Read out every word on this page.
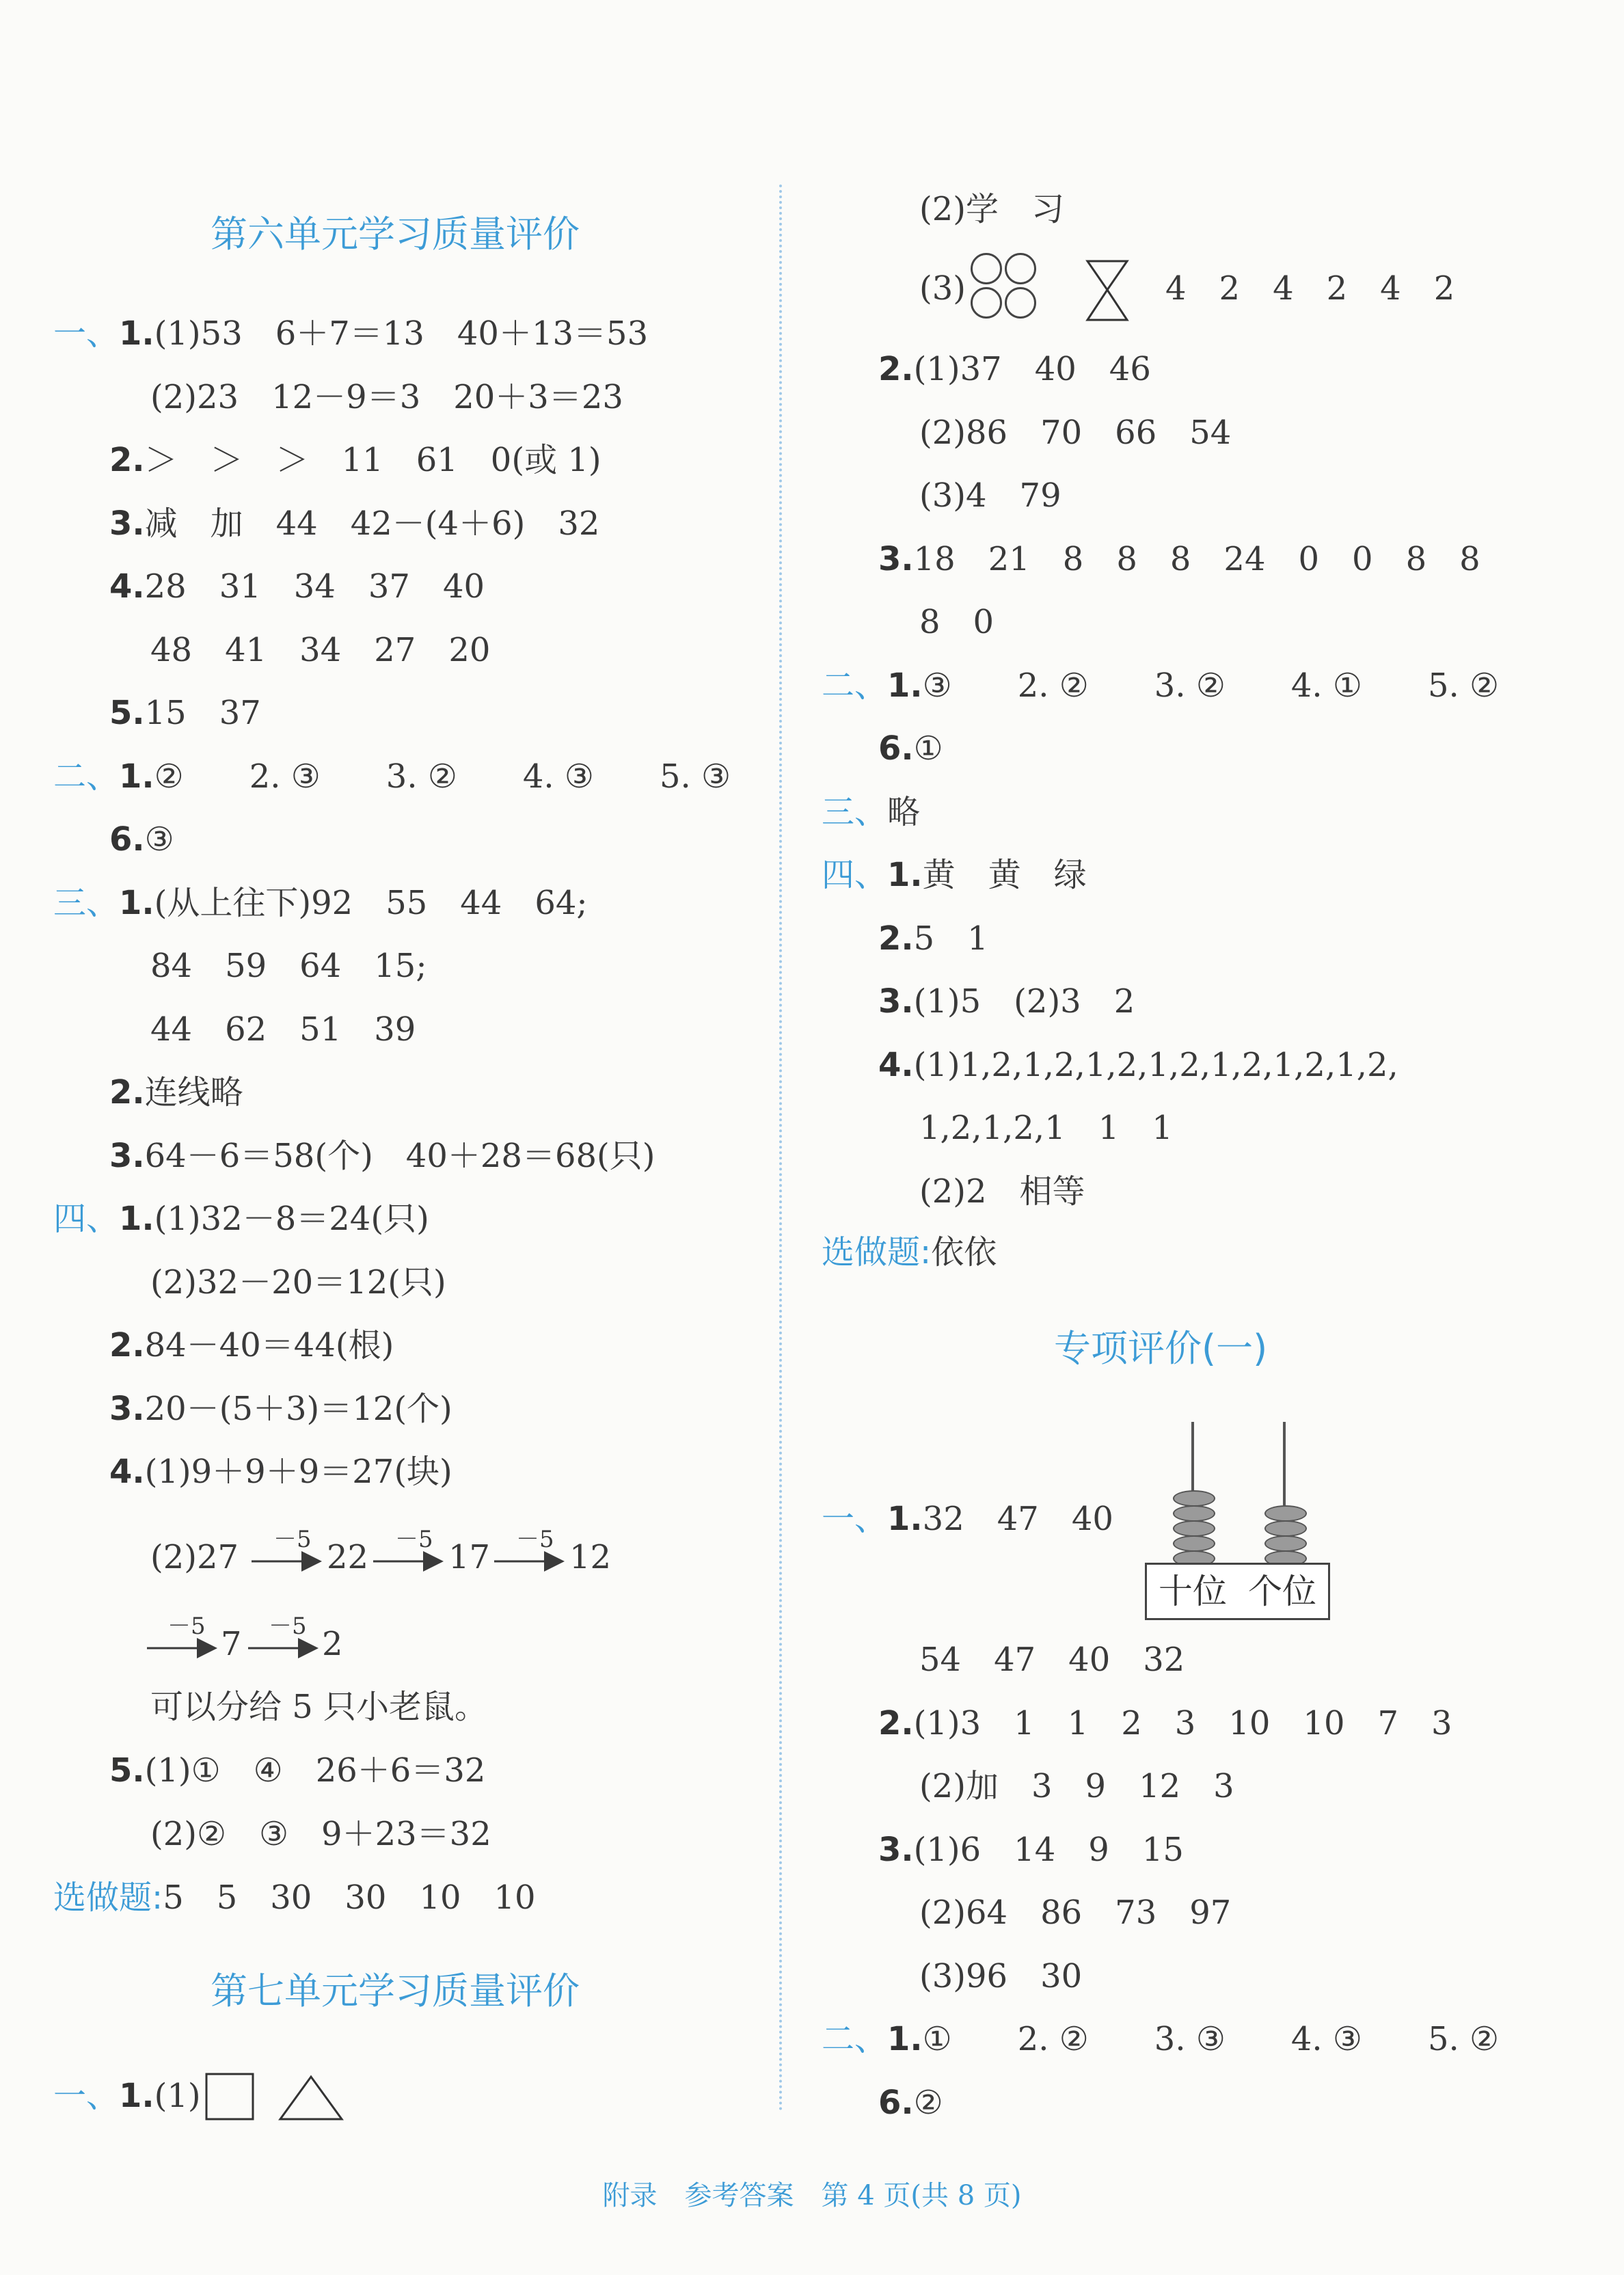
第六单元学习质量评价
一、1.(1)53　6＋7＝13　40＋13＝53
(2)23　12－9＝3　20＋3＝23
2.＞　＞　＞　11　61　0(或 1)
3.减　加　44　42－(4＋6)　32
4.28　31　34　37　40
48　41　34　27　20
5.15　37
二、1.②　　2. ③　　3. ②　　4. ③　　5. ③
6.③
三、1.(从上往下)92　55　44　64;
84　59　64　15;
44　62　51　39
2.连线略
3.64－6＝58(个)　40＋28＝68(只)
四、1.(1)32－8＝24(只)
(2)32－20＝12(只)
2.84－40＝44(根)
3.20－(5＋3)＝12(个)
4.(1)9＋9＋9＝27(块)
(2)27 －5	－5	－5
22 17 12
－5	－5
7 2
可以分给 5 只小老鼠。
5.(1)①　④　26＋6＝32
(2)②　③　9＋23＝32
选做题:5　5　30　30　10　10
第七单元学习质量评价
一、1.(1)
(2)学　习
(3)	4　2　4　2　4　2
2.(1)37　40　46
(2)86　70　66　54
(3)4　79
3.18　21　8　8　8　24　0　0　8　8
8　0
二、1.③　　2. ②　　3. ②　　4. ①　　5. ②
6.①
三、略
四、1.黄　黄　绿
2.5　1
3.(1)5　(2)3　2
4.(1)1,2,1,2,1,2,1,2,1,2,1,2,1,2,
1,2,1,2,1　1　1
(2)2　相等
选做题:依依
专项评价(一)
一、1.32　47　40
十位 个位
54　47　40　32
2.(1)3　1　1　2　3　10　10　7　3
(2)加　3　9　12　3
3.(1)6　14　9　15
(2)64　86　73　97
(3)96　30
二、1.①　　2. ②　　3. ③　　4. ③　　5. ②
6.②
附录　参考答案　第 4 页(共 8 页)
